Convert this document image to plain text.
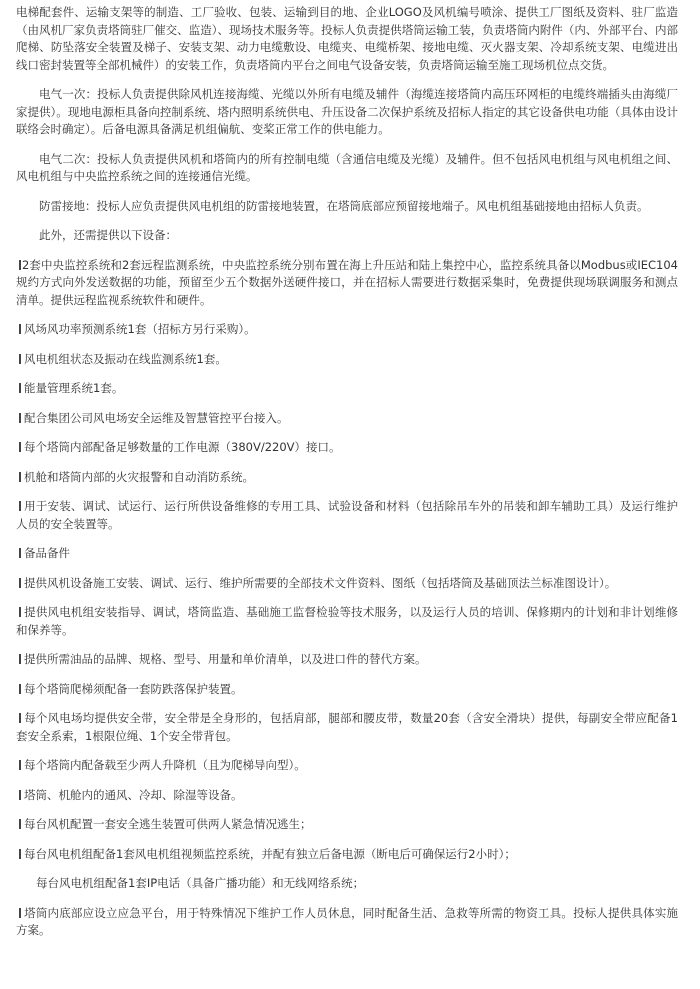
电梯配套件、运输支架等的制造、工厂验收、包装、运输到目的地、企业LOGO及风机编号喷涂、提供工厂图纸及资料、驻厂监造（由风机厂家负责塔筒驻厂催交、监造）、现场技术服务等。投标人负责提供塔筒运输工装，负责塔筒内附件（内、外部平台、内部爬梯、防坠落安全装置及梯子、安装支架、动力电缆敷设、电缆夹、电缆桥架、接地电缆、灭火器支架、冷却系统支架、电缆进出线口密封装置等全部机械件）的安装工作，负责塔筒内平台之间电气设备安装，负责塔筒运输至施工现场机位点交货。

电气一次：投标人负责提供除风机连接海缆、光缆以外所有电缆及辅件（海缆连接塔筒内高压环网柜的电缆终端插头由海缆厂家提供）。现地电源柜具备向控制系统、塔内照明系统供电、升压设备二次保护系统及招标人指定的其它设备供电功能（具体由设计联络会时确定）。后备电源具备满足机组偏航、变桨正常工作的供电能力。

电气二次：投标人负责提供风机和塔筒内的所有控制电缆（含通信电缆及光缆）及辅件。但不包括风电机组与风电机组之间、风电机组与中央监控系统之间的连接通信光缆。

防雷接地：投标人应负责提供风电机组的防雷接地装置，在塔筒底部应预留接地端子。风电机组基础接地由招标人负责。

此外，还需提供以下设备：

2套中央监控系统和2套远程监测系统，中央监控系统分别布置在海上升压站和陆上集控中心，监控系统具备以Modbus或IEC104规约方式向外发送数据的功能，预留至少五个数据外送硬件接口，并在招标人需要进行数据采集时，免费提供现场联调服务和测点清单。提供远程监视系统软件和硬件。

风场风功率预测系统1套（招标方另行采购）。

风电机组状态及振动在线监测系统1套。

能量管理系统1套。

配合集团公司风电场安全运维及智慧管控平台接入。

每个塔筒内部配备足够数量的工作电源（380V/220V）接口。

机舱和塔筒内部的火灾报警和自动消防系统。

用于安装、调试、试运行、运行所供设备维修的专用工具、试验设备和材料（包括除吊车外的吊装和卸车辅助工具）及运行维护人员的安全装置等。

备品备件

提供风机设备施工安装、调试、运行、维护所需要的全部技术文件资料、图纸（包括塔筒及基础顶法兰标准图设计）。

提供风电机组安装指导、调试，塔筒监造、基础施工监督检验等技术服务，以及运行人员的培训、保修期内的计划和非计划维修和保养等。

提供所需油品的品牌、规格、型号、用量和单价清单，以及进口件的替代方案。

每个塔筒爬梯须配备一套防跌落保护装置。

每个风电场均提供安全带，安全带是全身形的，包括肩部，腿部和腰皮带，数量20套（含安全滑块）提供，每副安全带应配备1套安全系索，1根限位绳、1个安全带背包。

每个塔筒内配备载至少两人升降机（且为爬梯导向型）。

塔筒、机舱内的通风、冷却、除湿等设备。

每台风机配置一套安全逃生装置可供两人紧急情况逃生；

每台风电机组配备1套风电机组视频监控系统，并配有独立后备电源（断电后可确保运行2小时）；

每台风电机组配备1套IP电话（具备广播功能）和无线网络系统；

塔筒内底部应设立应急平台，用于特殊情况下维护工作人员休息，同时配备生活、急救等所需的物资工具。投标人提供具体实施方案。
